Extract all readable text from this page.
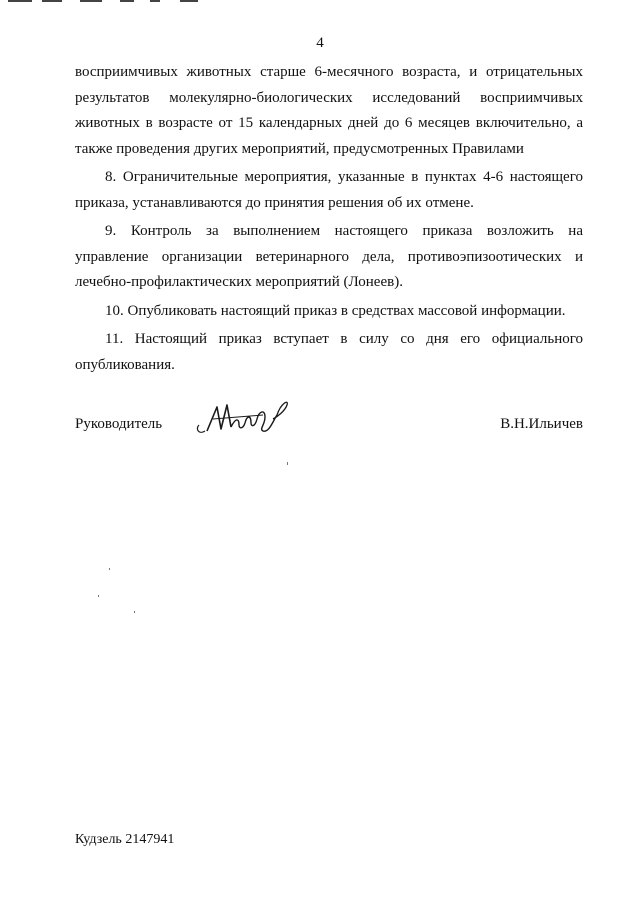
4

восприимчивых животных старше 6-месячного возраста, и отрицательных результатов молекулярно-биологических исследований восприимчивых животных в возрасте от 15 календарных дней до 6 месяцев включительно, а также проведения других мероприятий, предусмотренных Правилами

8. Ограничительные мероприятия, указанные в пунктах 4-6 настоящего приказа, устанавливаются до принятия решения об их отмене.

9. Контроль за выполнением настоящего приказа возложить на управление организации ветеринарного дела, противоэпизоотических и лечебно-профилактических мероприятий (Лонеев).

10. Опубликовать настоящий приказ в средствах массовой информации.

11. Настоящий приказ вступает в силу со дня его официального опубликования.

Руководитель	В.Н.Ильичев
Кудзель 2147941
